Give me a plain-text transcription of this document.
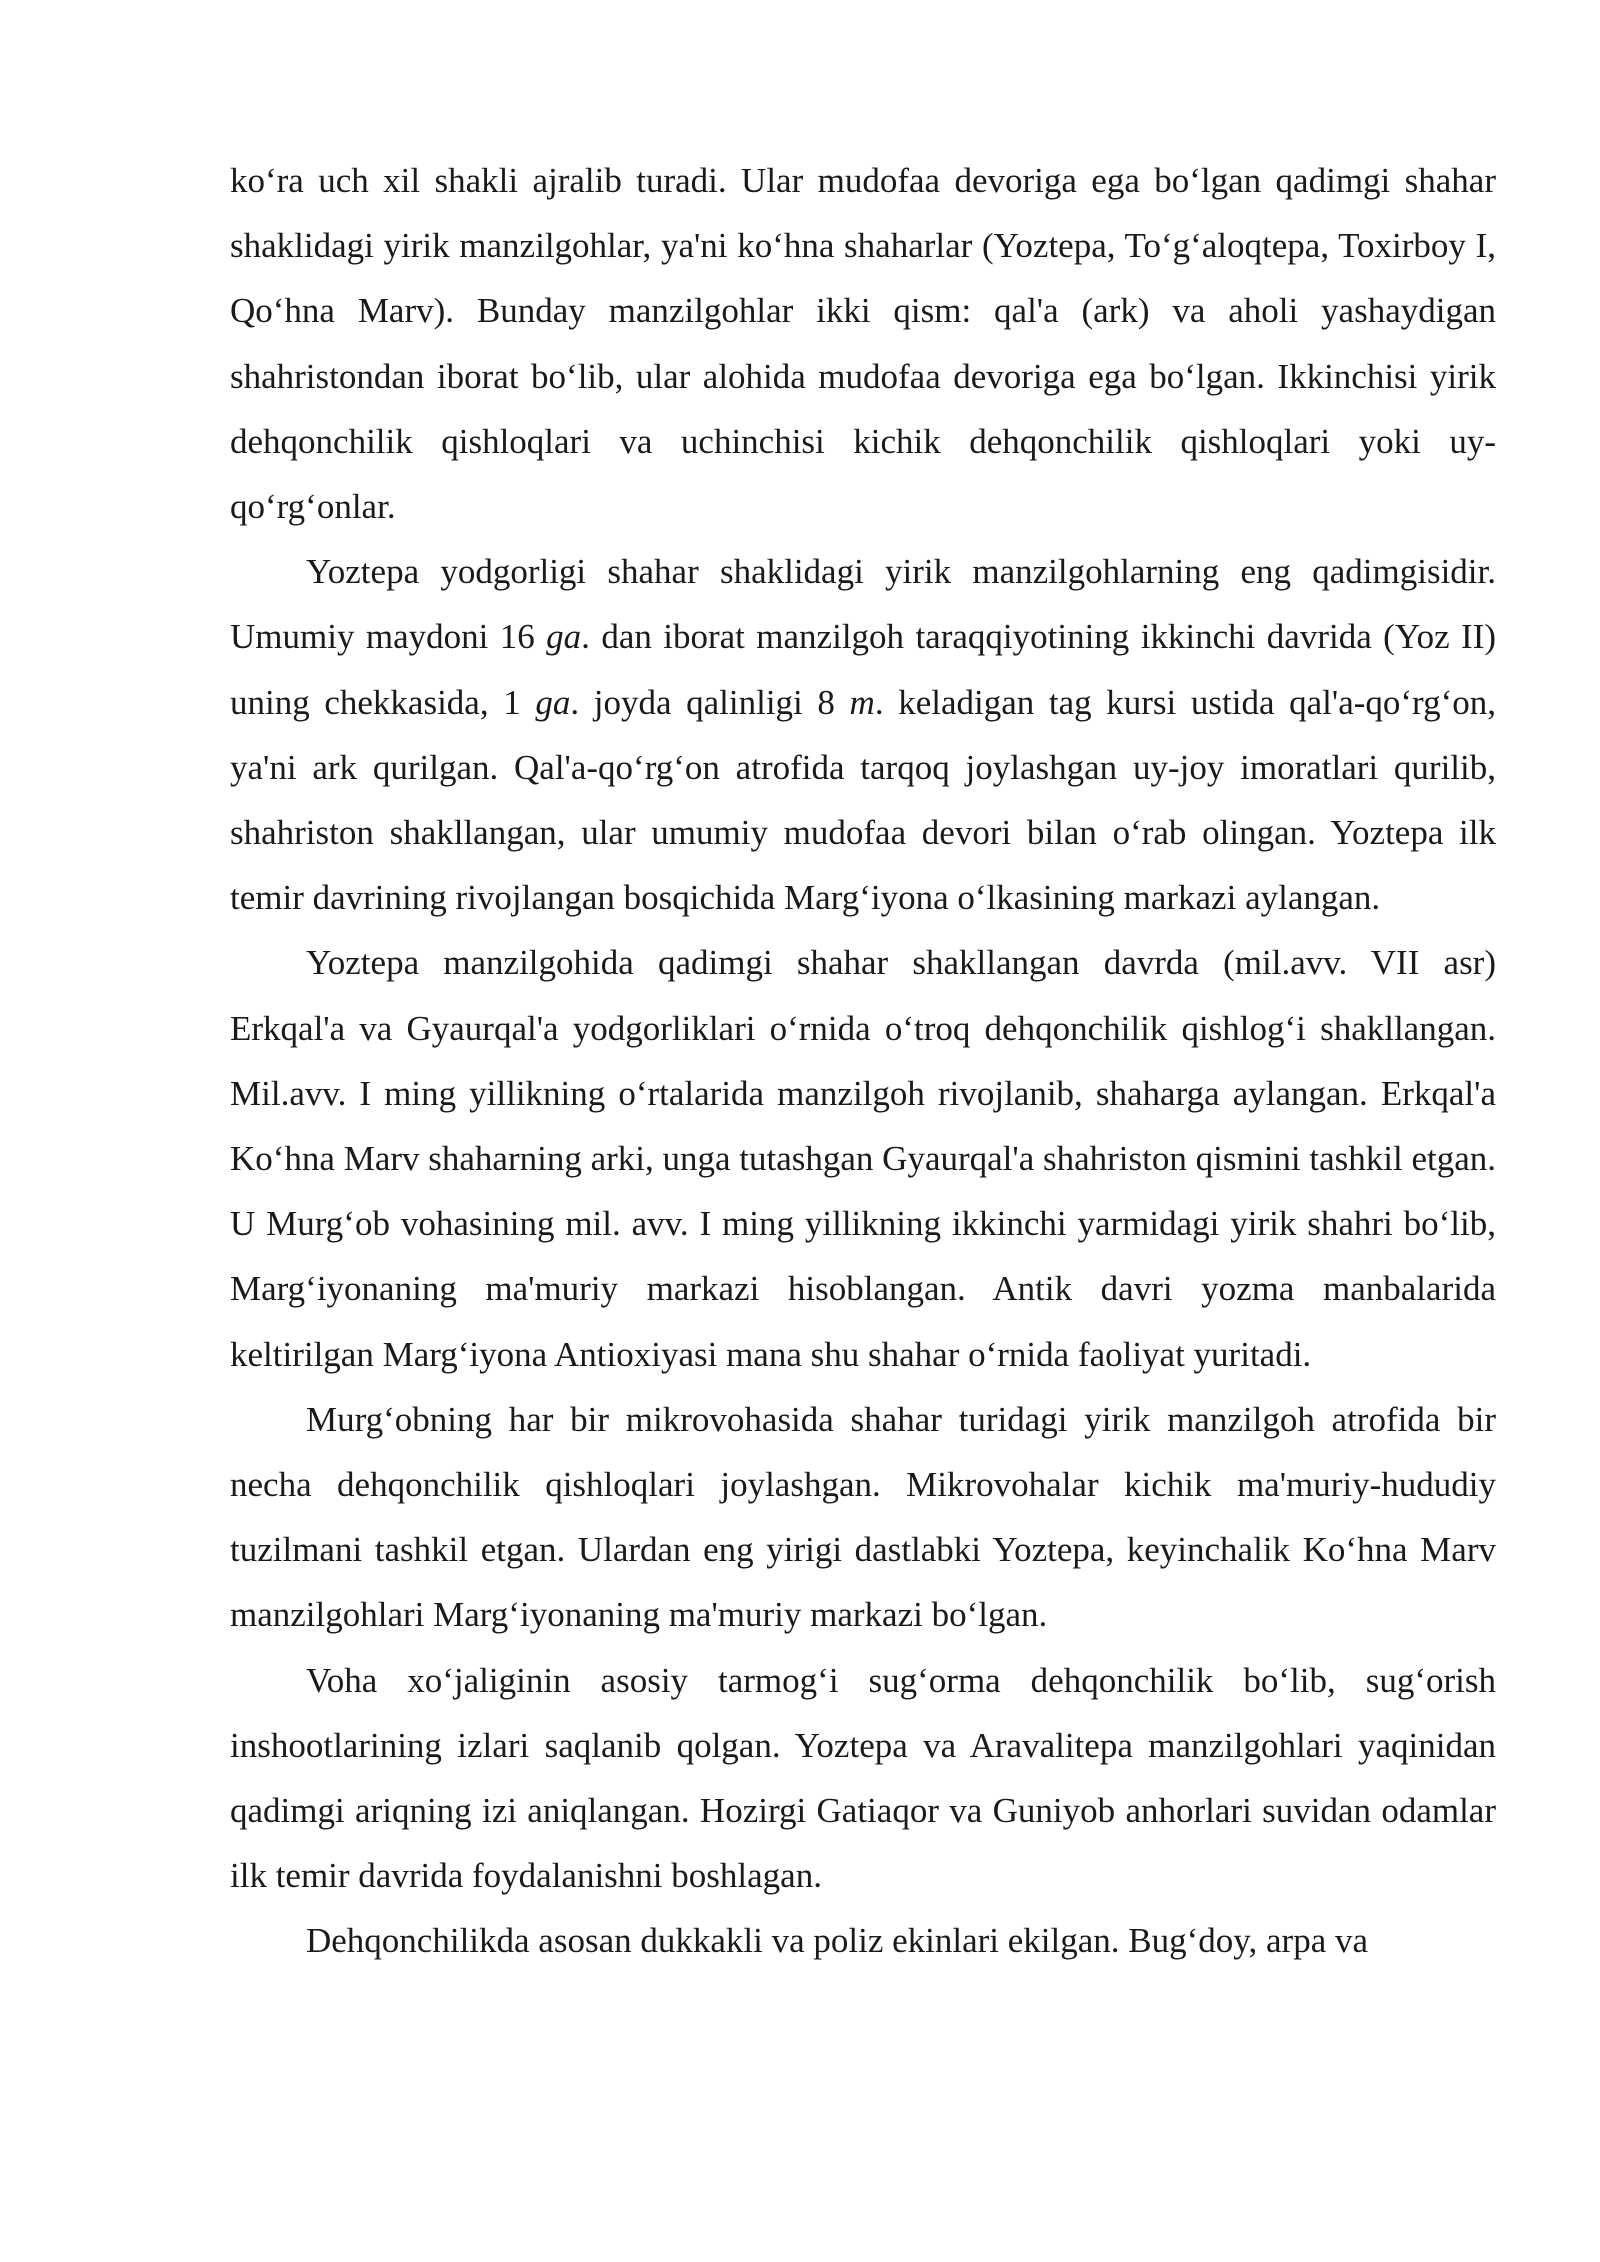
ko‘ra uch xil shakli ajralib turadi. Ular mudofaa devoriga ega bo‘lgan qadimgi shahar shaklidagi yirik manzilgohlar, ya'ni ko‘hna shaharlar (Yoztepa, To‘g‘aloqtepa, Toxirboy I, Qo‘hna Marv). Bunday manzilgohlar ikki qism: qal'a (ark) va aholi yashaydigan shahristondan iborat bo‘lib, ular alohida mudofaa devoriga ega bo‘lgan. Ikkinchisi yirik dehqonchilik qishloqlari va uchinchisi kichik dehqonchilik qishloqlari yoki uy-qo‘rg‘onlar.

Yoztepa yodgorligi shahar shaklidagi yirik manzilgohlarning eng qadimgisidir. Umumiy maydoni 16 ga. dan iborat manzilgoh taraqqiyotining ikkinchi davrida (Yoz II) uning chekkasida, 1 ga. joyda qalinligi 8 m. keladigan tag kursi ustida qal'a-qo‘rg‘on, ya'ni ark qurilgan. Qal'a-qo‘rg‘on atrofida tarqoq joylashgan uy-joy imoratlari qurilib, shahriston shakllangan, ular umumiy mudofaa devori bilan o‘rab olingan. Yoztepa ilk temir davrining rivojlangan bosqichida Marg‘iyona o‘lkasining markazi aylangan.

Yoztepa manzilgohida qadimgi shahar shakllangan davrda (mil.avv. VII asr) Erkqal'a va Gyaurqal'a yodgorliklari o‘rnida o‘troq dehqonchilik qishlog‘i shakllangan. Mil.avv. I ming yillikning o‘rtalarida manzilgoh rivojlanib, shaharga aylangan. Erkqal'a Ko‘hna Marv shaharning arki, unga tutashgan Gyaurqal'a shahriston qismini tashkil etgan. U Murg‘ob vohasining mil. avv. I ming yillikning ikkinchi yarmidagi yirik shahri bo‘lib, Marg‘iyonaning ma'muriy markazi hisoblangan. Antik davri yozma manbalarida keltirilgan Marg‘iyona Antioxiyasi mana shu shahar o‘rnida faoliyat yuritadi.

Murg‘obning har bir mikrovohasida shahar turidagi yirik manzilgoh atrofida bir necha dehqonchilik qishloqlari joylashgan. Mikrovohalar kichik ma'muriy-hududiy tuzilmani tashkil etgan. Ulardan eng yirigi dastlabki Yoztepa, keyinchalik Ko‘hna Marv manzilgohlari Marg‘iyonaning ma'muriy markazi bo‘lgan.

Voha xo‘jaliginin asosiy tarmog‘i sug‘orma dehqonchilik bo‘lib, sug‘orish inshootlarining izlari saqlanib qolgan. Yoztepa va Aravalitepa manzilgohlari yaqinidan qadimgi ariqning izi aniqlangan. Hozirgi Gatiaqor va Guniyob anhorlari suvidan odamlar ilk temir davrida foydalanishni boshlagan.

Dehqonchilikda asosan dukkakli va poliz ekinlari ekilgan. Bug‘doy, arpa va
